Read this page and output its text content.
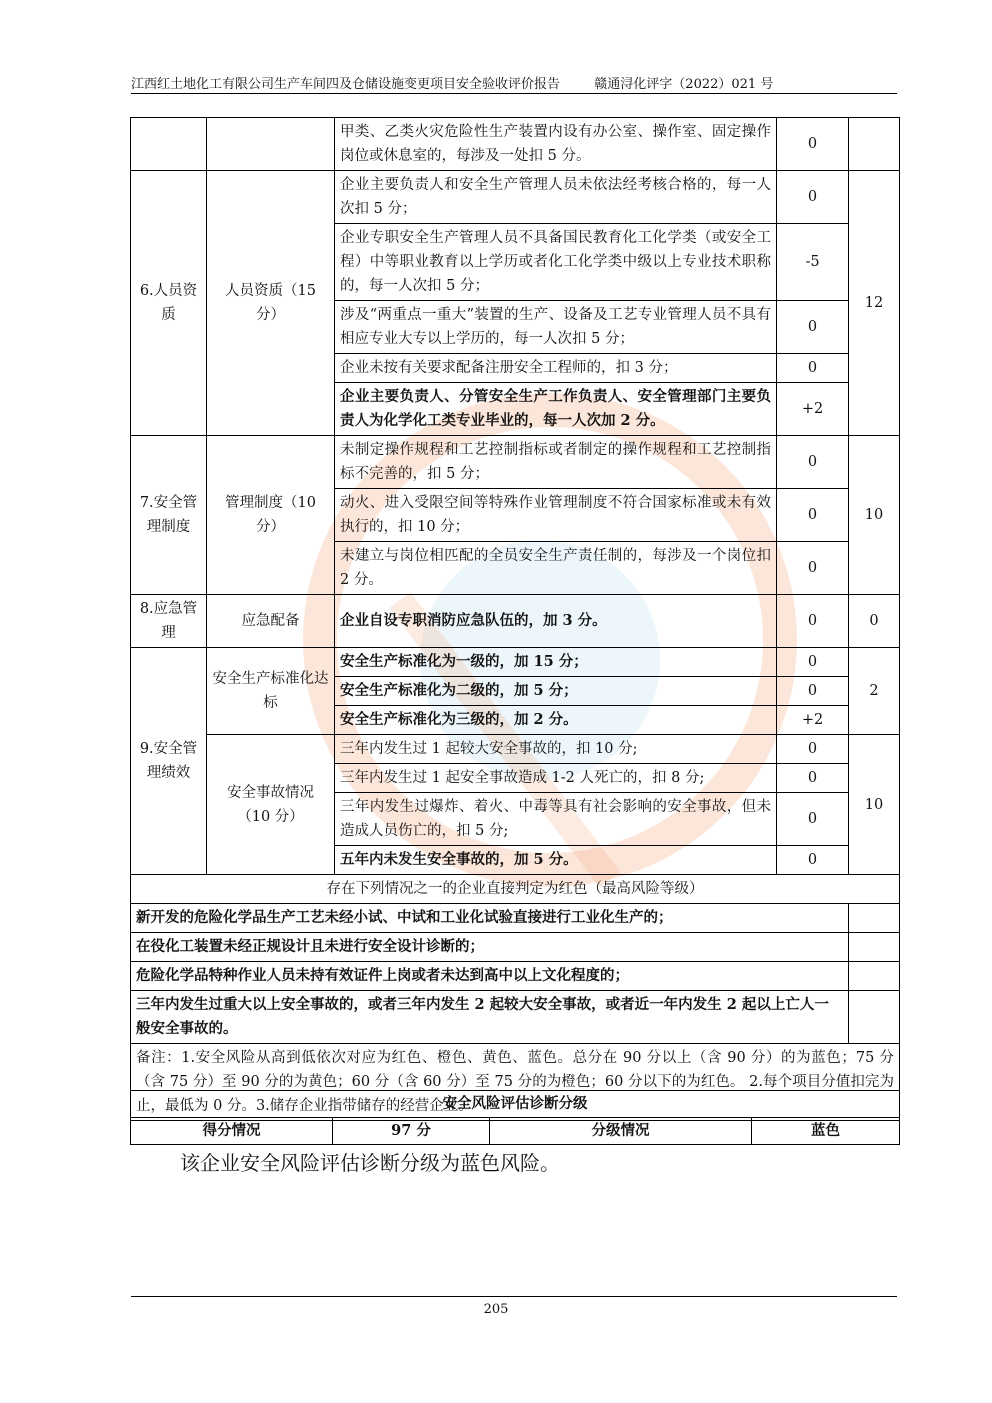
江西红土地化工有限公司生产车间四及仓储设施变更项目安全验收评价报告	赣通浔化评字（2022）021 号
		甲类、乙类火灾危险性生产装置内设有办公室、操作室、固定操作岗位或休息室的，每涉及一处扣 5 分。	0	
6.人员资质	人员资质（15 分）	企业主要负责人和安全生产管理人员未依法经考核合格的，每一人次扣 5 分；	0	12
		企业专职安全生产管理人员不具备国民教育化工化学类（或安全工程）中等职业教育以上学历或者化工化学类中级以上专业技术职称的，每一人次扣 5 分；	-5	
		涉及“两重点一重大”装置的生产、设备及工艺专业管理人员不具有相应专业大专以上学历的，每一人次扣 5 分；	0	
		企业未按有关要求配备注册安全工程师的，扣 3 分；	0	
		企业主要负责人、分管安全生产工作负责人、安全管理部门主要负责人为化学化工类专业毕业的，每一人次加 2 分。	+2	
7.安全管理制度	管理制度（10 分）	未制定操作规程和工艺控制指标或者制定的操作规程和工艺控制指标不完善的，扣 5 分；	0	10
		动火、进入受限空间等特殊作业管理制度不符合国家标准或未有效执行的，扣 10 分；	0	
		未建立与岗位相匹配的全员安全生产责任制的，每涉及一个岗位扣 2 分。	0	
8.应急管理	应急配备	企业自设专职消防应急队伍的，加 3 分。	0	0
9.安全管理绩效	安全生产标准化达标	安全生产标准化为一级的，加 15 分；	0	2
		安全生产标准化为二级的，加 5 分；	0	
		安全生产标准化为三级的，加 2 分。	+2	
	安全事故情况（10 分）	三年内发生过 1 起较大安全事故的，扣 10 分;	0	10
		三年内发生过 1 起安全事故造成 1-2 人死亡的，扣 8 分;	0	
		三年内发生过爆炸、着火、中毒等具有社会影响的安全事故，但未造成人员伤亡的，扣 5 分;	0	
		五年内未发生安全事故的，加 5 分。	0	
存在下列情况之一的企业直接判定为红色（最高风险等级）				
新开发的危险化学品生产工艺未经小试、中试和工业化试验直接进行工业化生产的；				
在役化工装置未经正规设计且未进行安全设计诊断的；				
危险化学品特种作业人员未持有效证件上岗或者未达到高中以上文化程度的；				
三年内发生过重大以上安全事故的，或者三年内发生 2 起较大安全事故，或者近一年内发生 2 起以上亡人一般安全事故的。				
备注：1.安全风险从高到低依次对应为红色、橙色、黄色、蓝色。总分在 90 分以上（含 90 分）的为蓝色；75 分（含 75 分）至 90 分的为黄色；60 分（含 60 分）至 75 分的为橙色；60 分以下的为红色。 2.每个项目分值扣完为止，最低为 0 分。3.储存企业指带储存的经营企业。				
安全风险评估诊断分级
得分情况	97 分	分级情况	蓝色
该企业安全风险评估诊断分级为蓝色风险。
205
